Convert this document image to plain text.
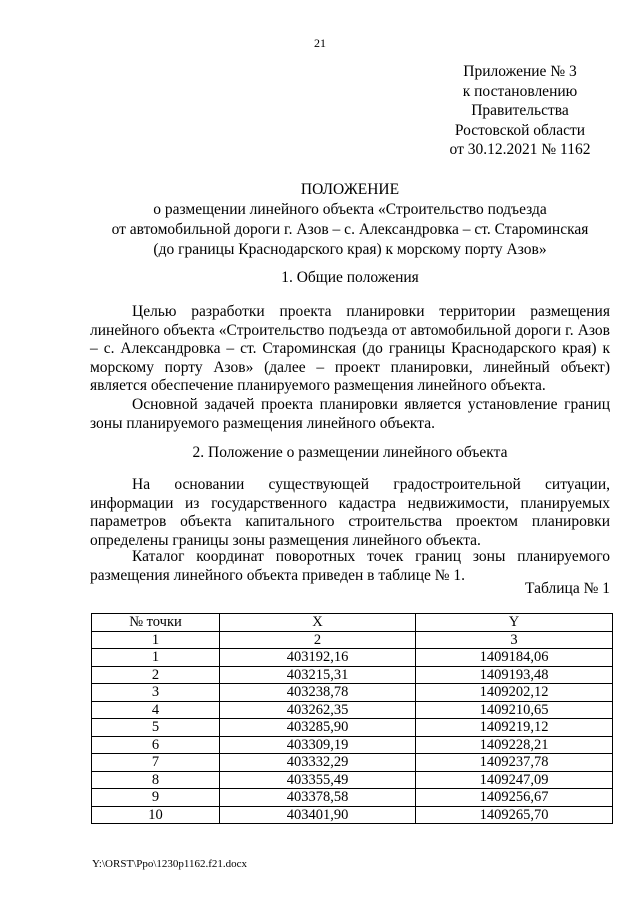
21
Приложение № 3
к постановлению
Правительства
Ростовской области
от 30.12.2021 № 1162
ПОЛОЖЕНИЕ
о размещении линейного объекта «Строительство подъезда
от автомобильной дороги г. Азов – с. Александровка – ст. Староминская
(до границы Краснодарского края) к морскому порту Азов»
1. Общие положения
Целью разработки проекта планировки территории размещения линейного объекта «Строительство подъезда от автомобильной дороги г. Азов – с. Александровка – ст. Староминская (до границы Краснодарского края) к морскому порту Азов» (далее – проект планировки, линейный объект) является обеспечение планируемого размещения линейного объекта.
Основной задачей проекта планировки является установление границ зоны планируемого размещения линейного объекта.
2. Положение о размещении линейного объекта
На основании существующей градостроительной ситуации, информации из государственного кадастра недвижимости, планируемых параметров объекта капитального строительства проектом планировки определены границы зоны размещения линейного объекта.
Каталог координат поворотных точек границ зоны планируемого размещения линейного объекта приведен в таблице № 1.
Таблица № 1
№ точки	X	Y
1	2	3
1	403192,16	1409184,06
2	403215,31	1409193,48
3	403238,78	1409202,12
4	403262,35	1409210,65
5	403285,90	1409219,12
6	403309,19	1409228,21
7	403332,29	1409237,78
8	403355,49	1409247,09
9	403378,58	1409256,67
10	403401,90	1409265,70
Y:\ORST\Ppo\1230p1162.f21.docx
